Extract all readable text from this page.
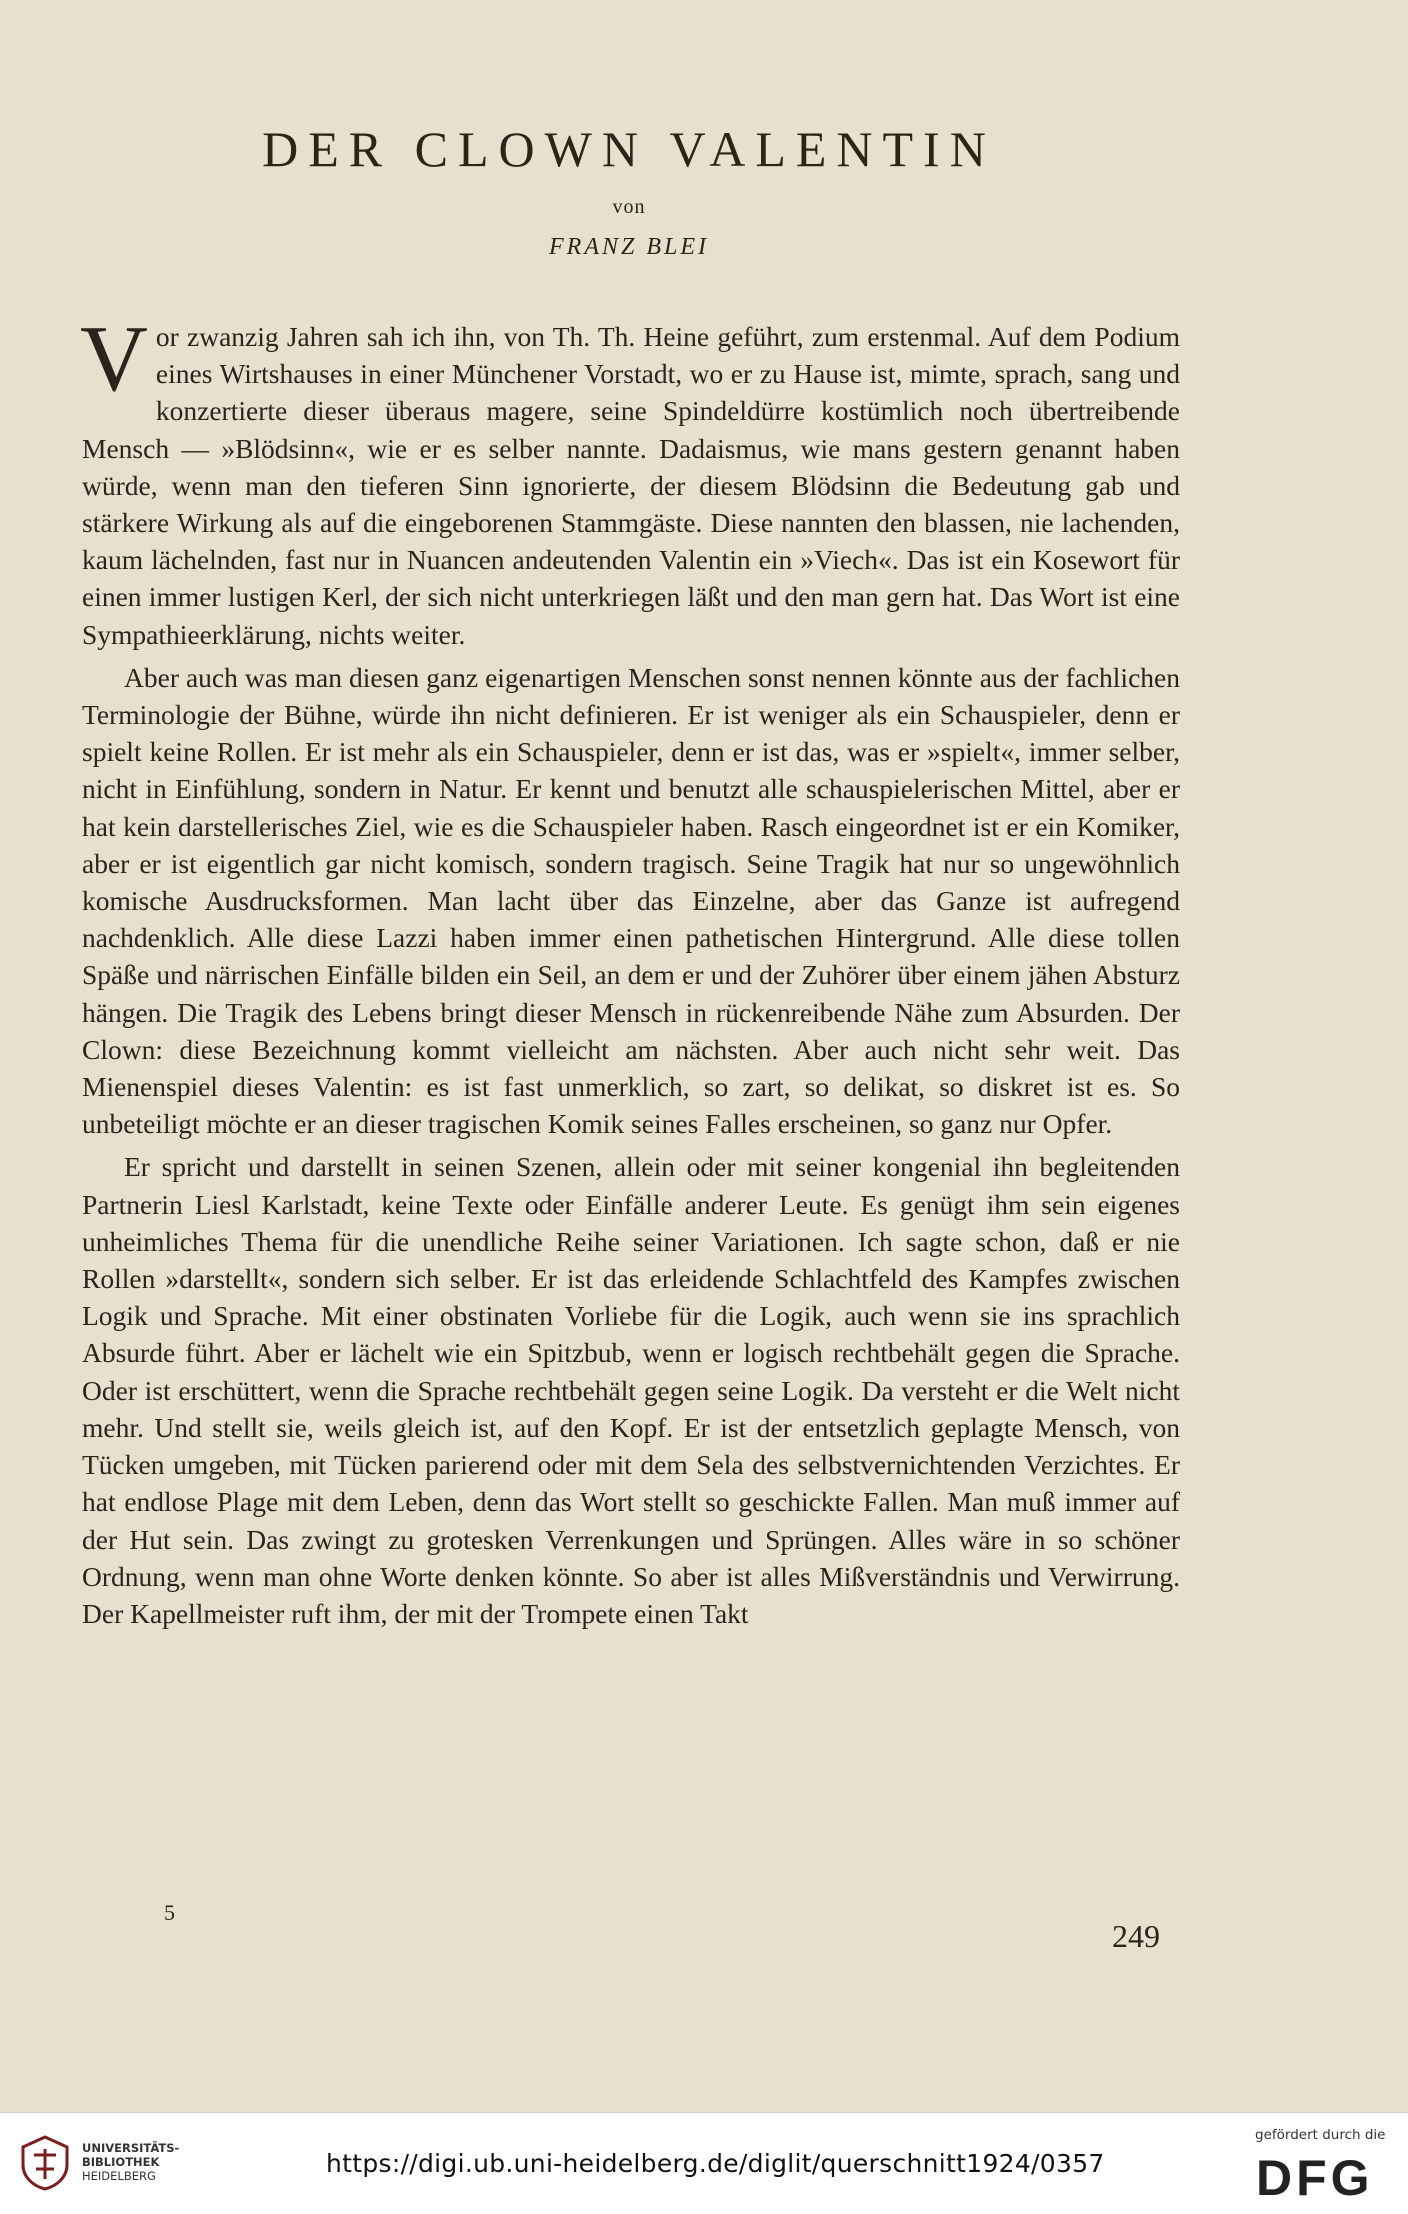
DER CLOWN VALENTIN
von
FRANZ BLEI

Vor zwanzig Jahren sah ich ihn, von Th. Th. Heine geführt, zum erstenmal. Auf dem Podium eines Wirtshauses in einer Münchener Vorstadt, wo er zu Hause ist, mimte, sprach, sang und konzertierte dieser überaus magere, seine Spindeldürre kostümlich noch übertreibende Mensch — »Blödsinn«, wie er es selber nannte. Dadaismus, wie mans gestern genannt haben würde, wenn man den tieferen Sinn ignorierte, der diesem Blödsinn die Bedeutung gab und stärkere Wirkung als auf die eingeborenen Stammgäste. Diese nannten den blassen, nie lachenden, kaum lächelnden, fast nur in Nuancen andeutenden Valentin ein »Viech«. Das ist ein Kosewort für einen immer lustigen Kerl, der sich nicht unterkriegen läßt und den man gern hat. Das Wort ist eine Sympathieerklärung, nichts weiter.

Aber auch was man diesen ganz eigenartigen Menschen sonst nennen könnte aus der fachlichen Terminologie der Bühne, würde ihn nicht definieren. Er ist weniger als ein Schauspieler, denn er spielt keine Rollen. Er ist mehr als ein Schauspieler, denn er ist das, was er »spielt«, immer selber, nicht in Einfühlung, sondern in Natur. Er kennt und benutzt alle schauspielerischen Mittel, aber er hat kein darstellerisches Ziel, wie es die Schauspieler haben. Rasch eingeordnet ist er ein Komiker, aber er ist eigentlich gar nicht komisch, sondern tragisch. Seine Tragik hat nur so ungewöhnlich komische Ausdrucksformen. Man lacht über das Einzelne, aber das Ganze ist aufregend nachdenklich. Alle diese Lazzi haben immer einen pathetischen Hintergrund. Alle diese tollen Späße und närrischen Einfälle bilden ein Seil, an dem er und der Zuhörer über einem jähen Absturz hängen. Die Tragik des Lebens bringt dieser Mensch in rückenreibende Nähe zum Absurden. Der Clown: diese Bezeichnung kommt vielleicht am nächsten. Aber auch nicht sehr weit. Das Mienenspiel dieses Valentin: es ist fast unmerklich, so zart, so delikat, so diskret ist es. So unbeteiligt möchte er an dieser tragischen Komik seines Falles erscheinen, so ganz nur Opfer.

Er spricht und darstellt in seinen Szenen, allein oder mit seiner kongenial ihn begleitenden Partnerin Liesl Karlstadt, keine Texte oder Einfälle anderer Leute. Es genügt ihm sein eigenes unheimliches Thema für die unendliche Reihe seiner Variationen. Ich sagte schon, daß er nie Rollen »darstellt«, sondern sich selber. Er ist das erleidende Schlachtfeld des Kampfes zwischen Logik und Sprache. Mit einer obstinaten Vorliebe für die Logik, auch wenn sie ins sprachlich Absurde führt. Aber er lächelt wie ein Spitzbub, wenn er logisch rechtbehält gegen die Sprache. Oder ist erschüttert, wenn die Sprache rechtbehält gegen seine Logik. Da versteht er die Welt nicht mehr. Und stellt sie, weils gleich ist, auf den Kopf. Er ist der entsetzlich geplagte Mensch, von Tücken umgeben, mit Tücken parierend oder mit dem Sela des selbstvernichtenden Verzichtes. Er hat endlose Plage mit dem Leben, denn das Wort stellt so geschickte Fallen. Man muß immer auf der Hut sein. Das zwingt zu grotesken Verrenkungen und Sprüngen. Alles wäre in so schöner Ordnung, wenn man ohne Worte denken könnte. So aber ist alles Mißverständnis und Verwirrung. Der Kapellmeister ruft ihm, der mit der Trompete einen Takt

5
249
UNIVERSITÄTS-
BIBLIOTHEK
HEIDELBERG	https://digi.ub.uni-heidelberg.de/diglit/querschnitt1924/0357
gefördert durch die
DFG
